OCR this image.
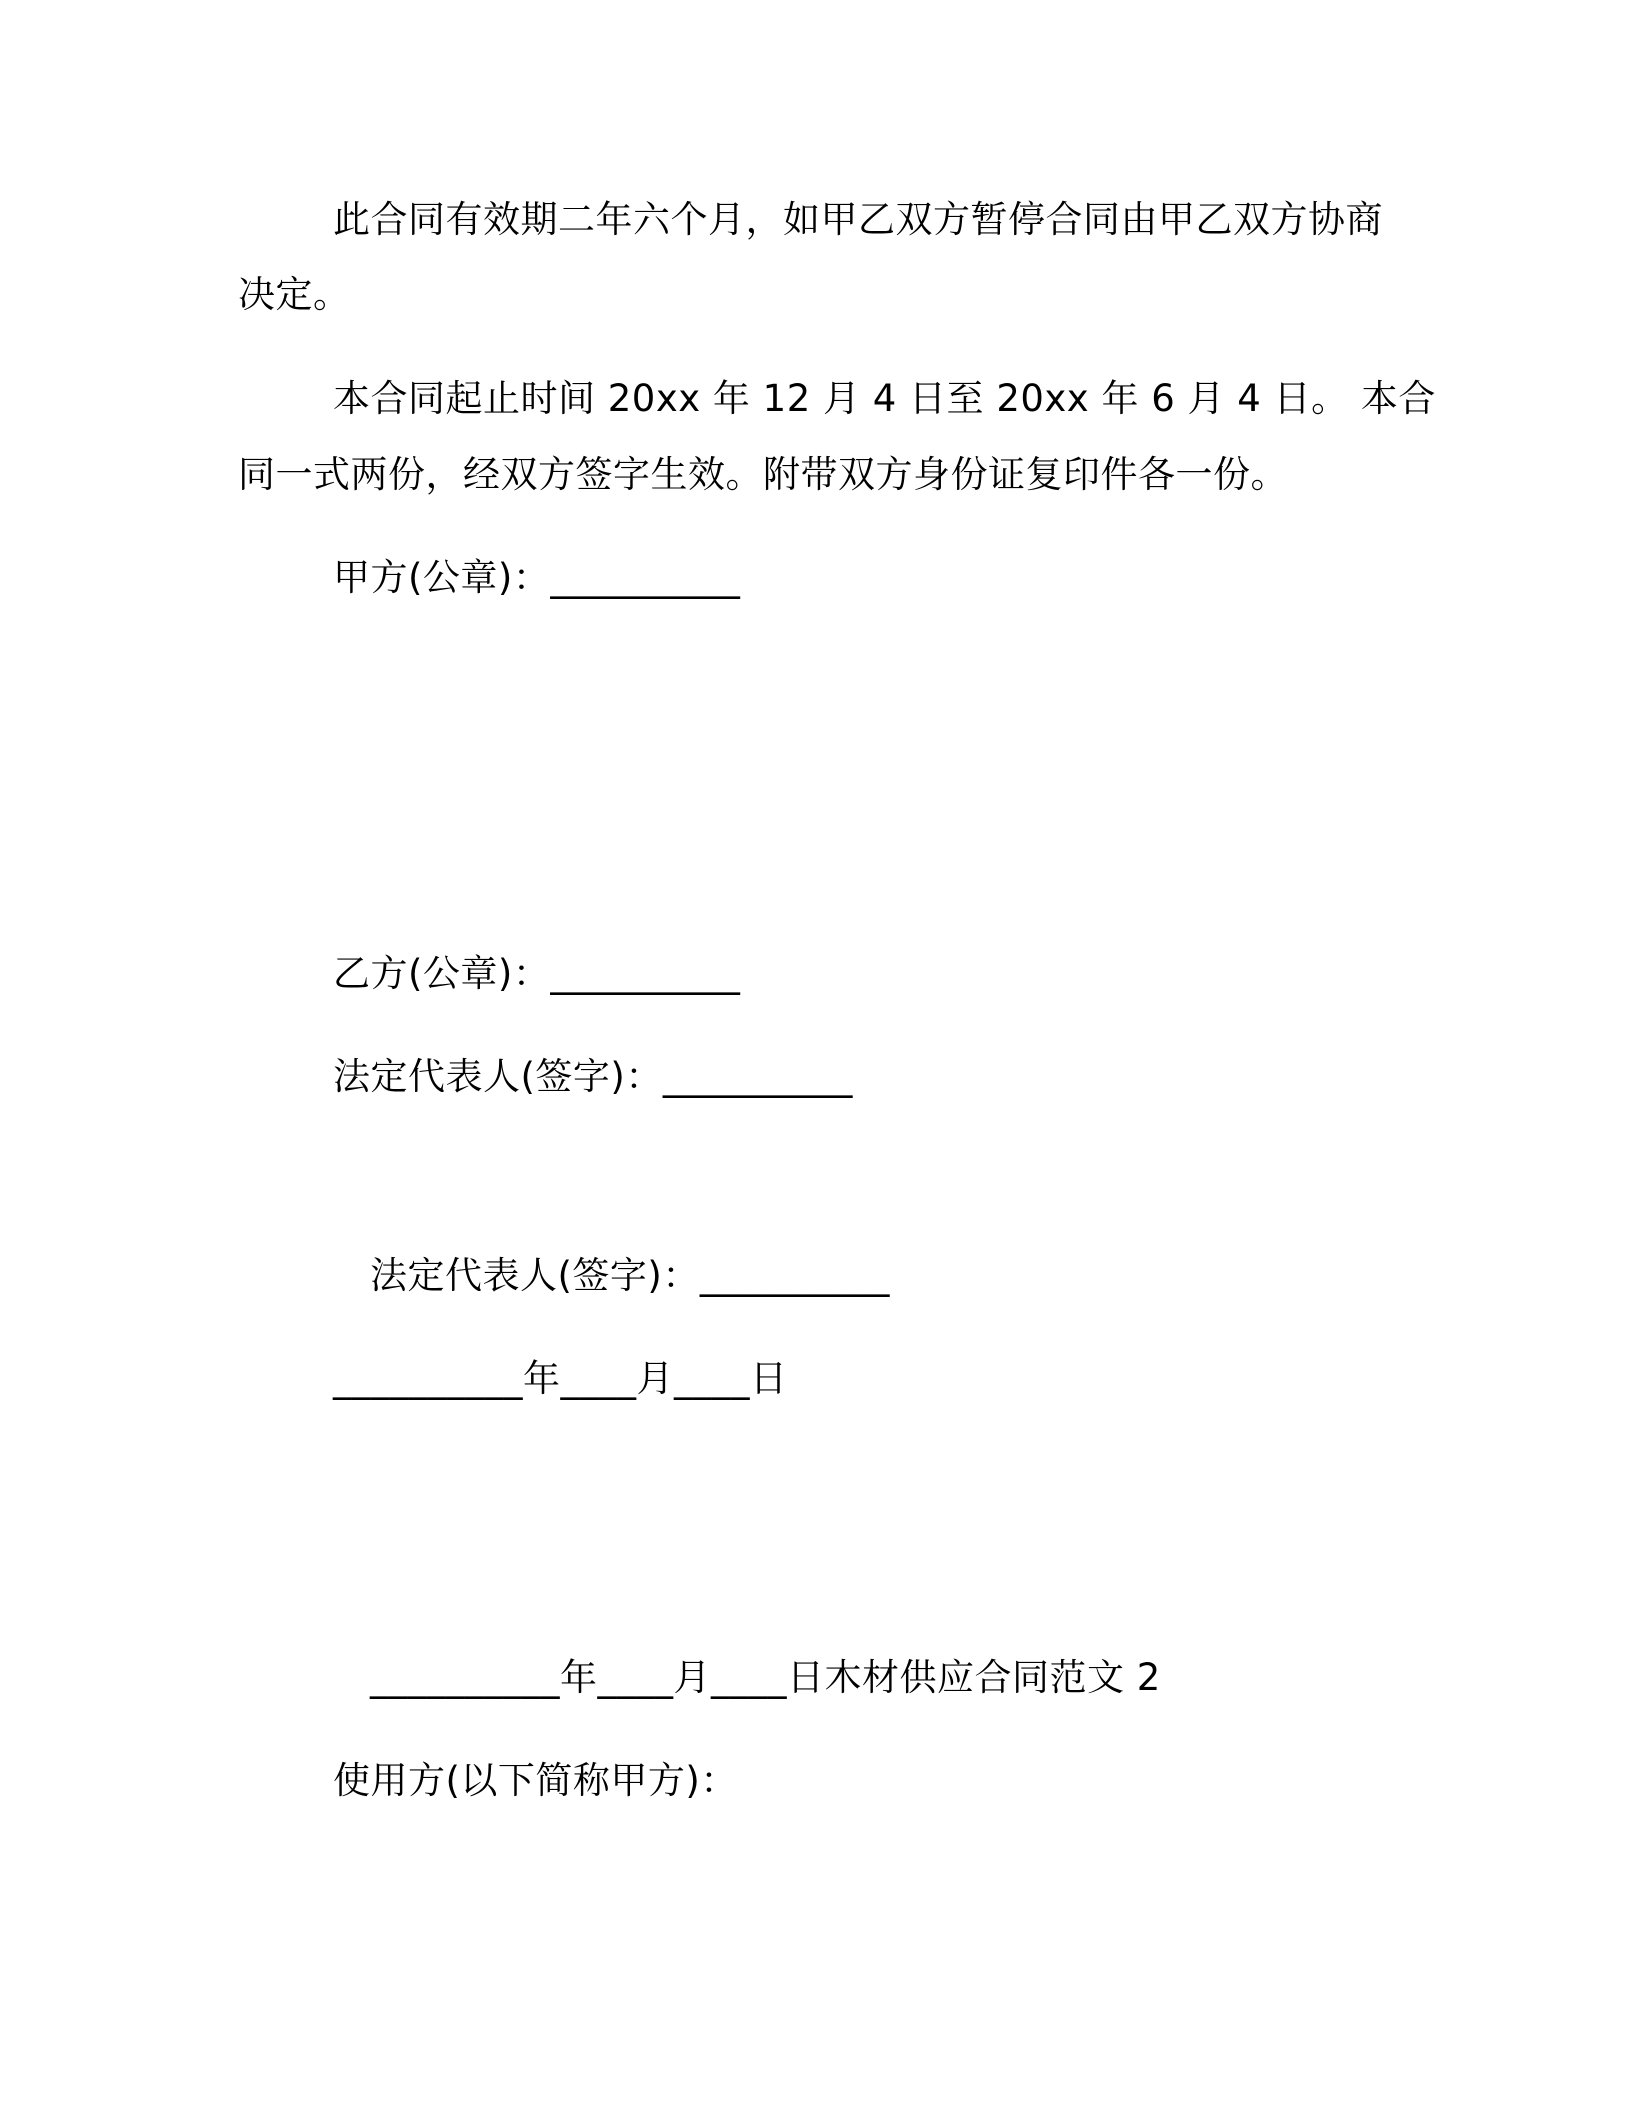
此合同有效期二年六个月，如甲乙双方暂停合同由甲乙双方协商
决定。
本合同起止时间 20xx 年 12 月 4 日至 20xx 年 6 月 4 日。 本合
同一式两份，经双方签字生效。附带双方身份证复印件各一份。
甲方(公章)：__________
乙方(公章)：__________
法定代表人(签字)：__________
法定代表人(签字)：__________
__________年____月____日
__________年____月____日木材供应合同范文 2
使用方(以下简称甲方)：
